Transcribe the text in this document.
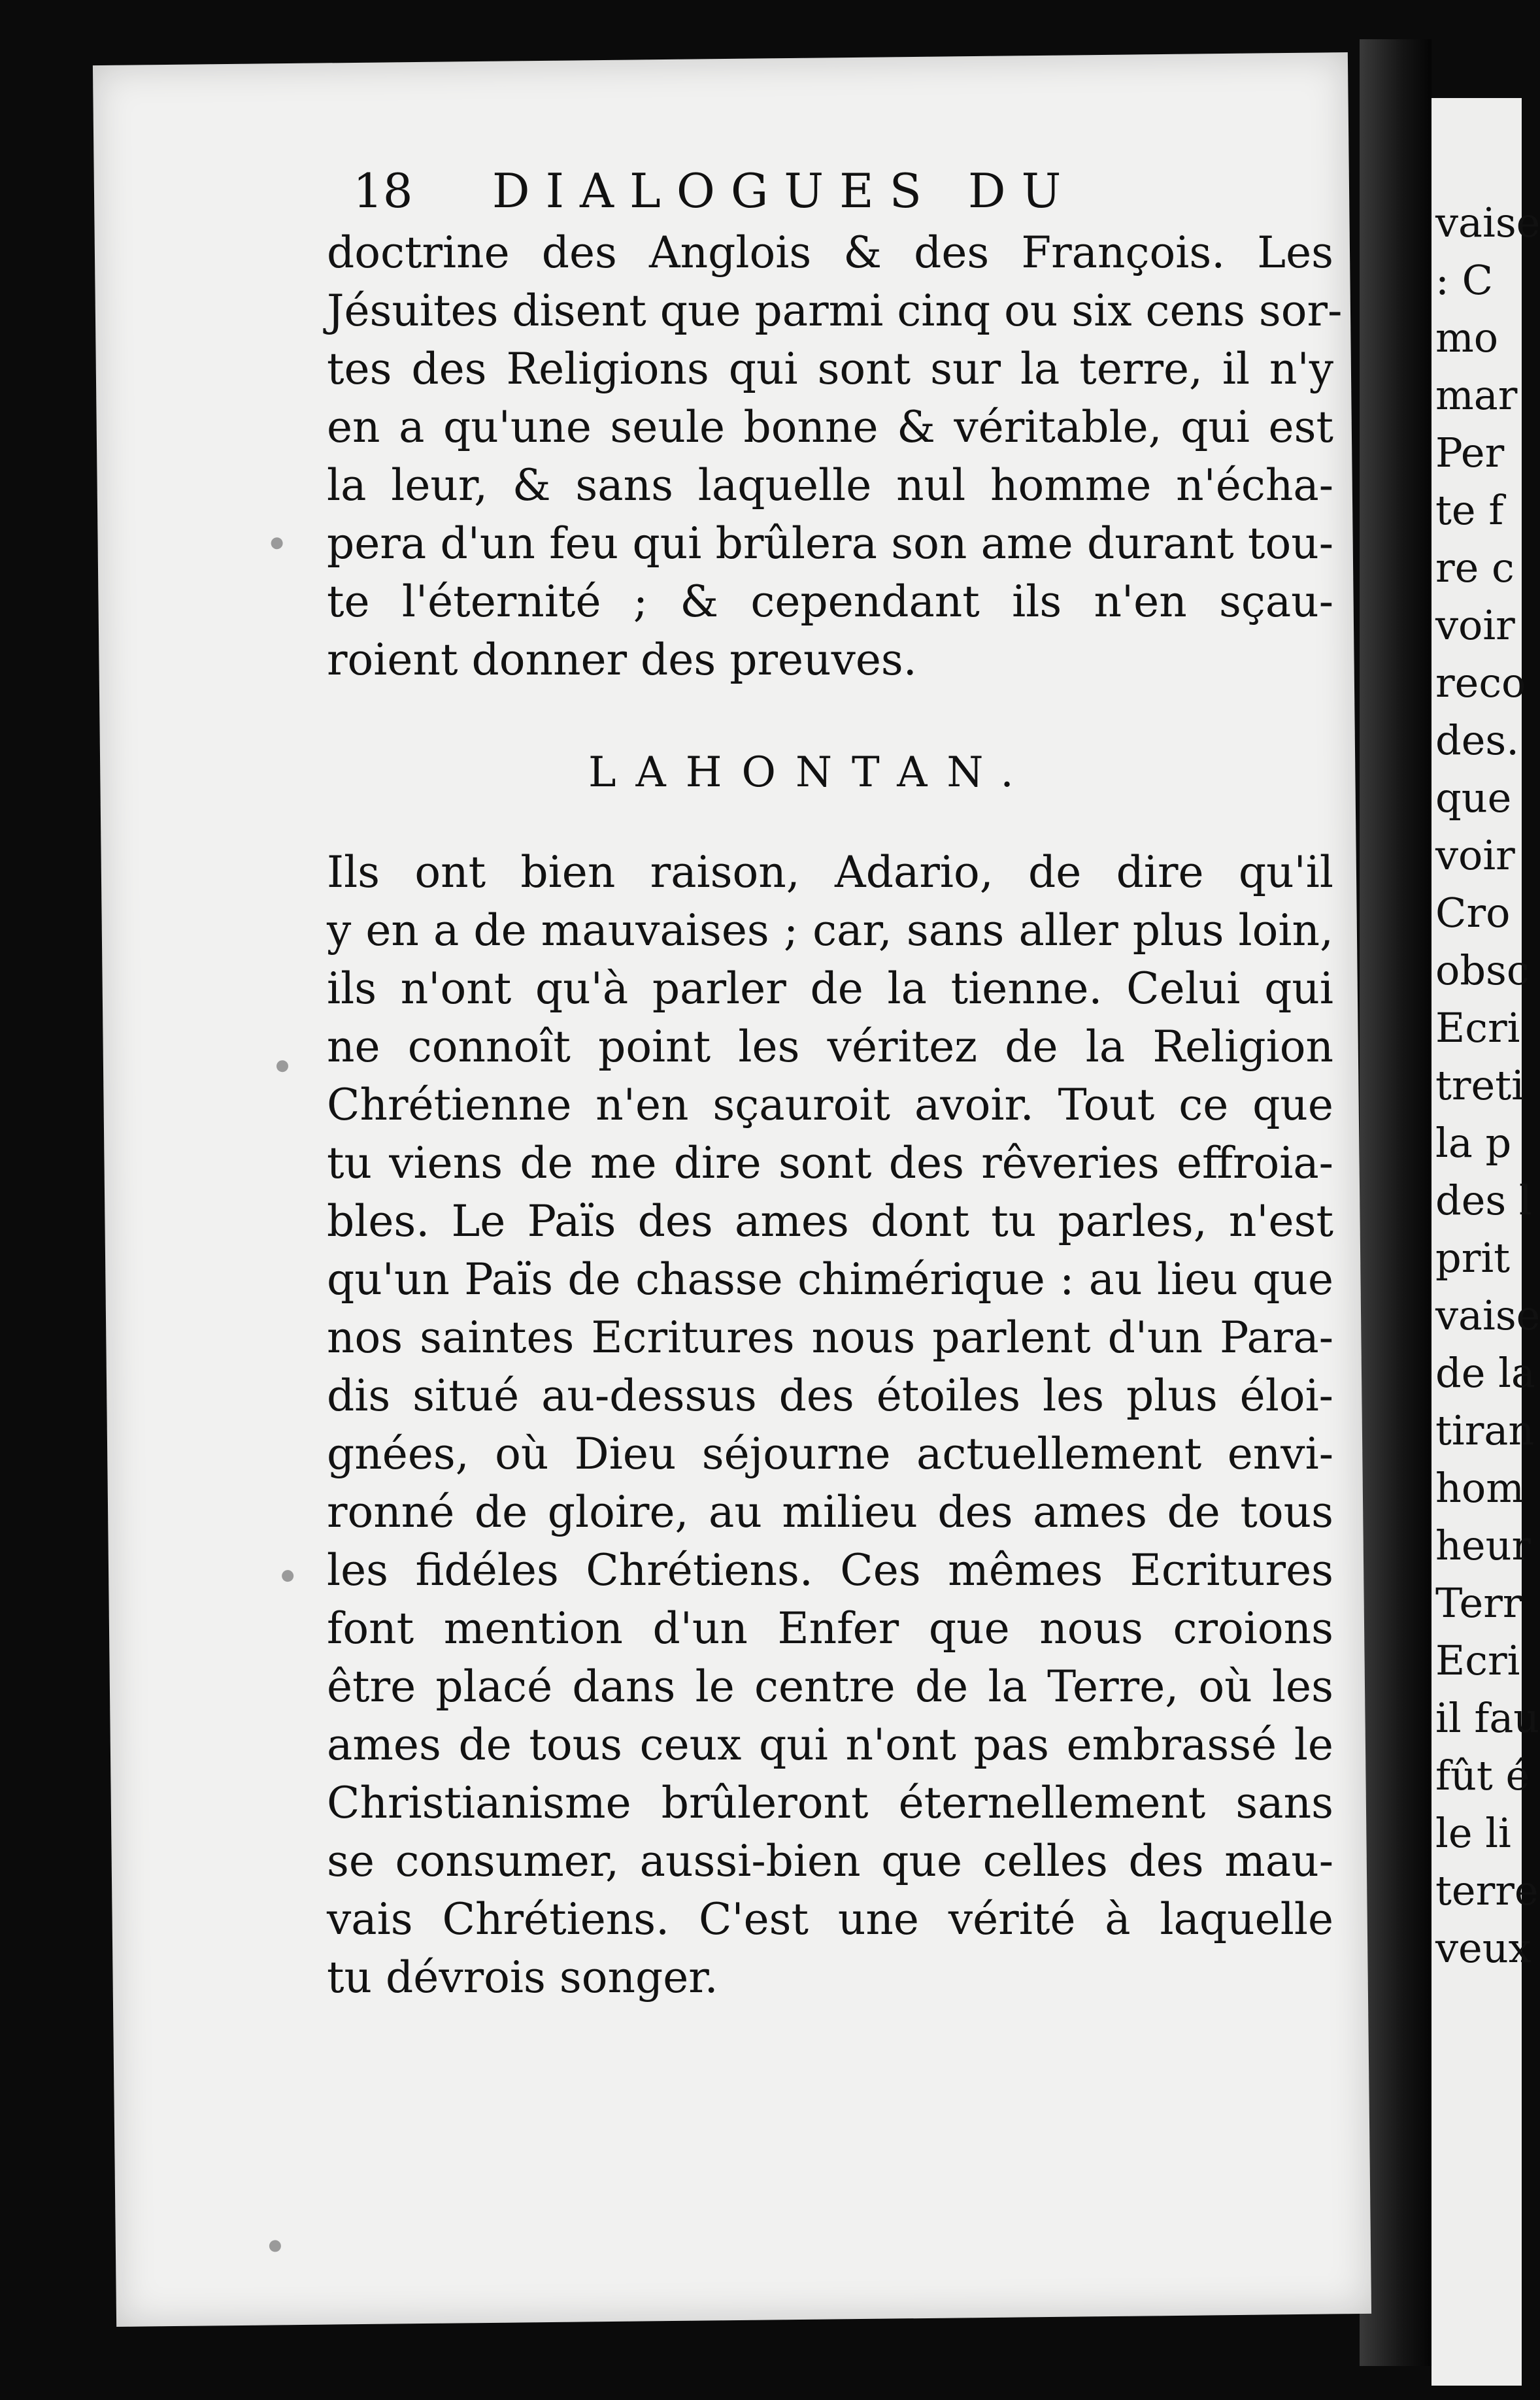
vaise
: C
mo
mar
Per
te f
re c
voir
reco
des.
que
voir
Cro
obsc
Ecri
treti
la p
des l
prit
vaise
de la
tiran
hom
heur
Terr
Ecri
il fau
fût é
le li
terre
veux
18 DIALOGUES DU
doctrine des Anglois & des François. Les
Jésuites disent que parmi cinq ou six cens sor-
tes des Religions qui sont sur la terre, il n'y
en a qu'une seule bonne & véritable, qui est
la leur, & sans laquelle nul homme n'écha-
pera d'un feu qui brûlera son ame durant tou-
te l'éternité ; & cependant ils n'en sçau-
roient donner des preuves.
LAHONTAN.
Ils ont bien raison, Adario, de dire qu'il
y en a de mauvaises ; car, sans aller plus loin,
ils n'ont qu'à parler de la tienne. Celui qui
ne connoît point les véritez de la Religion
Chrétienne n'en sçauroit avoir. Tout ce que
tu viens de me dire sont des rêveries effroia-
bles. Le Païs des ames dont tu parles, n'est
qu'un Païs de chasse chimérique : au lieu que
nos saintes Ecritures nous parlent d'un Para-
dis situé au-dessus des étoiles les plus éloi-
gnées, où Dieu séjourne actuellement envi-
ronné de gloire, au milieu des ames de tous
les fidéles Chrétiens. Ces mêmes Ecritures
font mention d'un Enfer que nous croions
être placé dans le centre de la Terre, où les
ames de tous ceux qui n'ont pas embrassé le
Christianisme brûleront éternellement sans
se consumer, aussi-bien que celles des mau-
vais Chrétiens. C'est une vérité à laquelle
tu dévrois songer.
